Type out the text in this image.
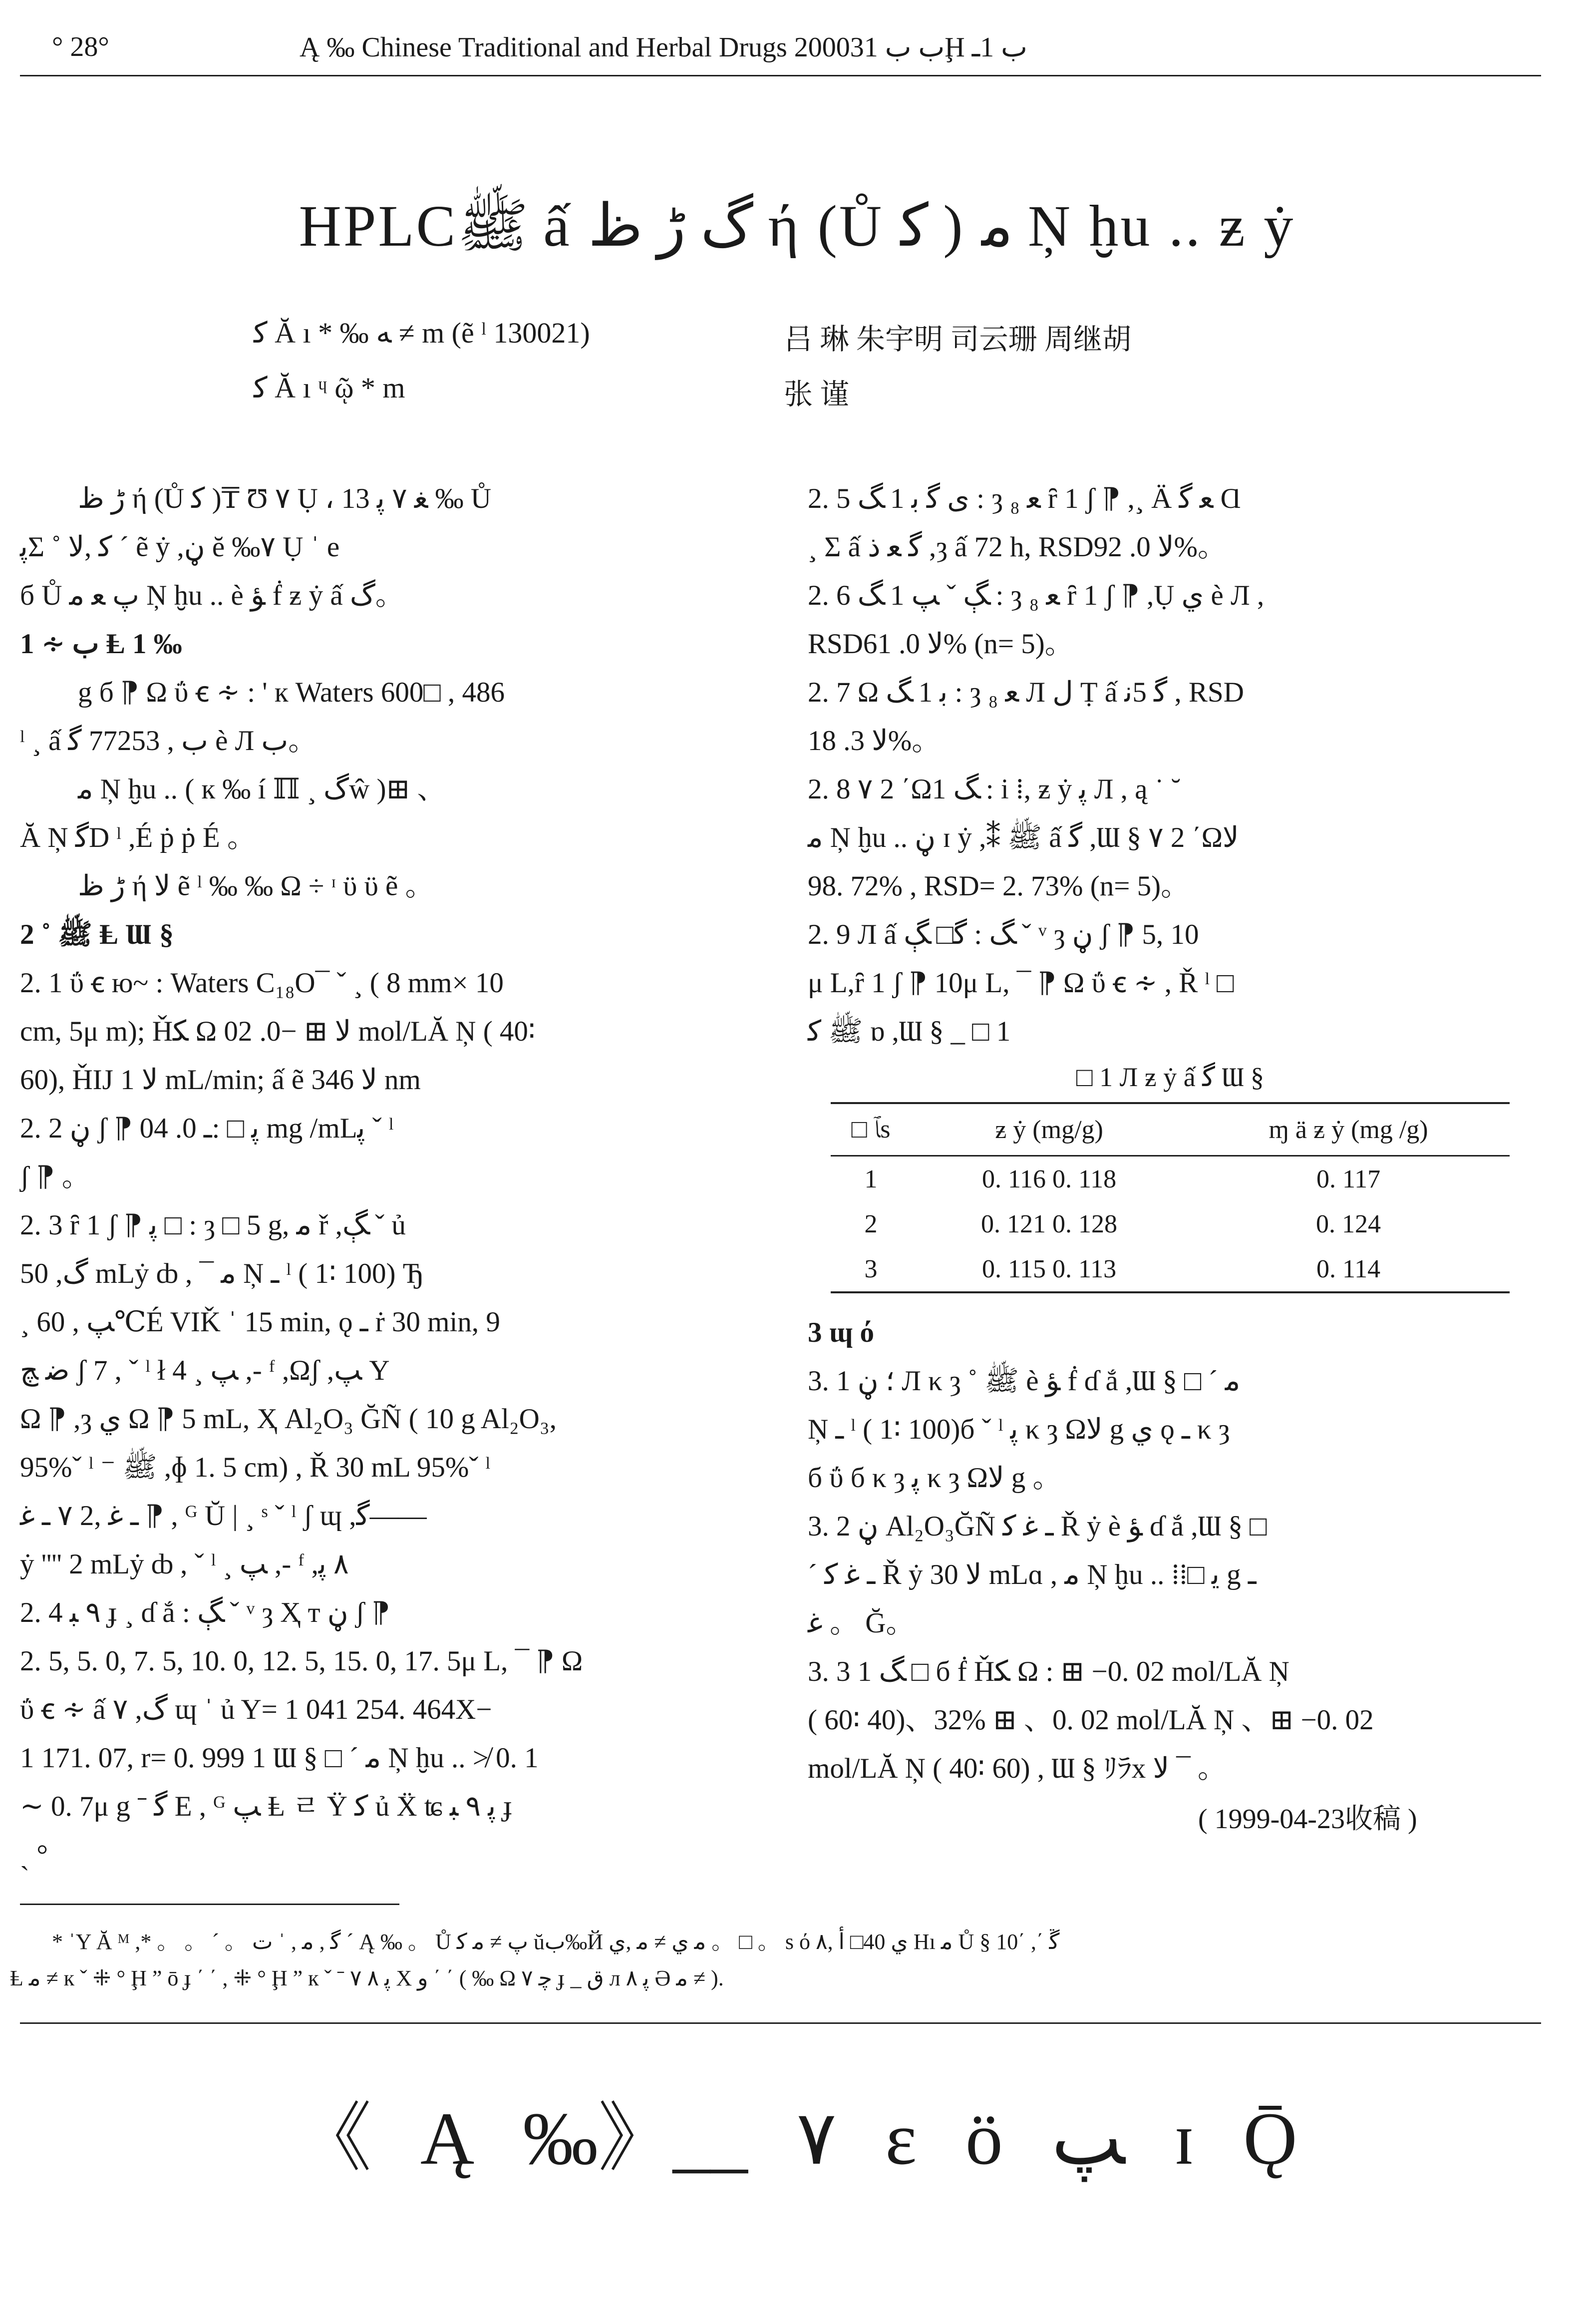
° 28°	Ą ‰ Chinese Traditional and Herbal Drugs 2000ب ب 31Ḩ ب 1ـ
HPLCﷺ ấ گ ڑ ظ ή (Ů ﻛ ) ﻣ Ņ ḫu .. ƶ ẏ
ﻛ Ă ı * ‰ ﻪ ≠ m (ẽ ˡ 130021)	吕 琳 朱宇明 司云珊 周继胡
ﻛ Ă ı ᶣ ῷ * m	张 谨

ڑ ظ ή (Ů ﻛ )₸ Ʊ ٧ Ụ ، ﻐ ٧ ﭘ 13 ‰ Ů

ﭘΣ ˚ ﻛ ,ﻻ ´ ẽ ẏ ,ڼ ĕ ‰٧ Ụ ˈ e

б Ů ﭖ ﻌ ﻣ Ņ ḫu .. è ﺆ ḟ ƶ ẏ ấ گ。

1 ∻ ب Ⱡ 1 ‰

g б ⁋ Ω ΰ ꞓ ∻ : ' к Waters 600□ , 486

ˡ ¸ ấ ب , 77253 ﮔ è Л ب。

ﻣ Ņ ḫu .. ( к ‰ í ℿ ¸ گŵ )⊞ 、

Ă Ņ ﮔD ˡ ,É ṗ ṗ É 。

ڑ ظ ή ﻻ ẽ ˡ ‰ ‰ Ω ÷ ᶦ ϋ ϋ ẽ 。

2 ˚ ﷺ Ⱡ Ɯ §

2. 1 ΰ ꞓ ю~ : Waters C₁₈O¯ ˇ ¸ ( 8 mm× 10

cm, 5μ m); Ȟﮑ Ω ﻻ ⊞ −0. 02 mol/LĂ Ņ ( 40∶

60), ȞIJ ﻻ 1 mL/min; ấ ẽ ﻻ 346 nm

2. 2 ڼ ʃ ⁋ ﭘ □ :ـ 0. 04 mg /mLﭘ ˇ ˡ

ʃ ⁋ 。

2. 3 ȓ 1 ʃ ⁋ ﭘ □ : ȝ □ 5 g, ﻣ ř ,ﮗ ˇ ủ

گ, 50 mLẏ ȸ , ¯ ﻣ Ņ ـ ˡ ( 1∶ 100) Ђ

¸ ﭗ , 60℃É VIǨ ˈ 15 min, ǫ ـ ṙ 30 min, 9

ﺿ ﭻ ʃ 7 , ˇ ˡ ł 4 ¸ ﭗ ,- ᶠ ,Ωʃ ,ﭗ Y

Ω ⁋ ,ȝ ﻱ Ω ⁋ 5 mL, Ҳ Al₂O₃ ĞÑ ( 10 g Al₂O₃,

95%ˇ ˡ ⁻ ﷺ ,ɸ 1. 5 cm) , Ř 30 mL 95%ˇ ˡ

ـ ﻏ ,2 ٧ ـ ﻏ ⁋ , ᴳ Ŭ | ¸ ˢ ˇ ˡ ʃ ɰ ,ﮔ——

ẏ '''' 2 mLẏ ȸ , ˇ ˡ ¸ ﭗ ,- ᶠ ,٨ ﭘ

2. 4 ٩ ﺒ ɟ ¸ ɗ ắ : ﮗ ˇ ᵛ ȝ Ҳ т ڼ ʃ ⁋

2. 5, 5. 0, 7. 5, 10. 0, 12. 5, 15. 0, 17. 5μ L, ¯ ⁋ Ω

ΰ ꞓ ∻ ấ گ, ٧ ɰ ˈ ủ Y= 1 041 254. 464X−

1 171. 07, r= 0. 999 1 Ɯ § □ ´ ﻣ Ņ ḫu .. ≯ 0. 1

∼ 0. 7μ g ˉ ﮔ E , ᴳ ﭗ Ⱡ ﾩ Ÿ ﻛ ủ Ẍ ʨ ﭘ ٩ ﺒ ɟ

ˏ °

2. 5 ﻯ ﮔ ﺑ 1 ﮓ : ȝ ₈ ﻌ ȓ 1 ʃ ⁋ ,¸ Ä ﻌ ﮔ Ɑ

¸ Σ ấ ﮔ ﻌ ﺫ ,ȝ ấ 72 h, RSDﻻ 0. 92%。

2. 6 ﮗ ˇ ﭗ 1 ﮓ : ȝ ₈ ﻌ ȓ 1 ʃ ⁋ ,Ụ ﻱ è Л ,

RSDﻻ 0. 61% (n= 5)。

2. 7 Ω ﺑ 1 ﮓ : ȝ ₈ ﻌ Л ﻝ Ṭ ấ ﮔ 5ﻧ , RSD

ﻻ 3. 18%。

2. 8 ٧ 2 ΄Ω1 ﮓ : i ⁞, ƶ ẏ ﭘ Л , ą ˙ ˘

ﻣ Ņ ḫu .. ڼ ɪ ẏ ,⁑ ﷺ ấ ﮔ ,Ɯ § ٧ 2 ΄Ωﻻ

98. 72% , RSD= 2. 73% (n= 5)。

2. 9 Л ấ ﮓ : ﮔ□ ﮗ ˇ ᵛ ȝ ڼ ʃ ⁋ 5, 10

μ L,ȓ 1 ʃ ⁋ 10μ L, ¯ ⁋ Ω ΰ ꞓ ∻ , Ř ˡ □

ﷺ ﻛ ɒ ,Ɯ § _ □ 1

□ 1 Л ƶ ẏ ấ ﮔ Ɯ §
□ ﭑs	ƶ ẏ (mg/g)	ɱ ä ƶ ẏ (mg /g)
1	0. 116 0. 118	0. 117
2	0. 121 0. 128	0. 124
3	0. 115 0. 113	0. 114

3 ɰ ό

3. 1 ؛ ڼ Л κ ȝ ˚ ﷺ è ﺆ ḟ ɗ ắ ,Ɯ § □ ´ ﻣ

Ņ ـ ˡ ( 1∶ 100)б ˇ ˡ ﭘ κ ȝ Ωﻻ g ﻱ ǫ ـ κ ȝ

б ΰ б κ ȝ ﭘ κ ȝ Ωﻻ g 。

3. 2 ڼ Al₂O₃ĞÑ ـ ﻏ ﻛ Ř ẏ è ﺆ ɗ ắ ,Ɯ § □

´ ـ ﻏ ﻛ Ř ẏ ﻻ 30 mLɑ , ﻣ Ņ ḫu .. ⁞⁞□ ﻳ g ـ

ﻏ 。 Ğ。

3. 3 1 ﮓ □ б ḟ Ȟﮑ Ω : ⊞ −0. 02 mol/LĂ Ņ

( 60∶ 40)、32% ⊞ 、0. 02 mol/LĂ Ņ 、⊞ −0. 02

mol/LĂ Ņ ( 40∶ 60) , Ɯ § ﾘﾗx ﻻ ¯ 。

( 1999-04-23收稿 )
* ˈY Ă ᴹ ,* 。 。 ˊ 。 ﮔ , ﻣ , ˈ ﺕ ˊ Ą ‰ 。 Ů ﭖ ≠ ﻣ ﮐ ŭﺏ‰Й ﻣ ﻱ ≠ ﻣ ,ﻱ 。 □ 。 s ό ﻱ 40□ ﺃ ,٨ Hı ﻣ Ů § 10΄ ,΄ ﮜ
Ⱡ ﻣ ≠ к ˇ ⁜ ° Ḩ ˮ ō ɟ ΄ ΄ , ⁜ ° Ḩ ˮ к ˇ ˉ ﭘ ٨ ٧ X ﻭ ΄ ΄ ( ‰ Ω ﭼ ٧ ɟ _ ﻕ л ﭘ ٨ Ә ﻣ ≠ ).
《 Ą ‰》__ ٧ ɛ ӧ ﭗ ɪ Ǭ
